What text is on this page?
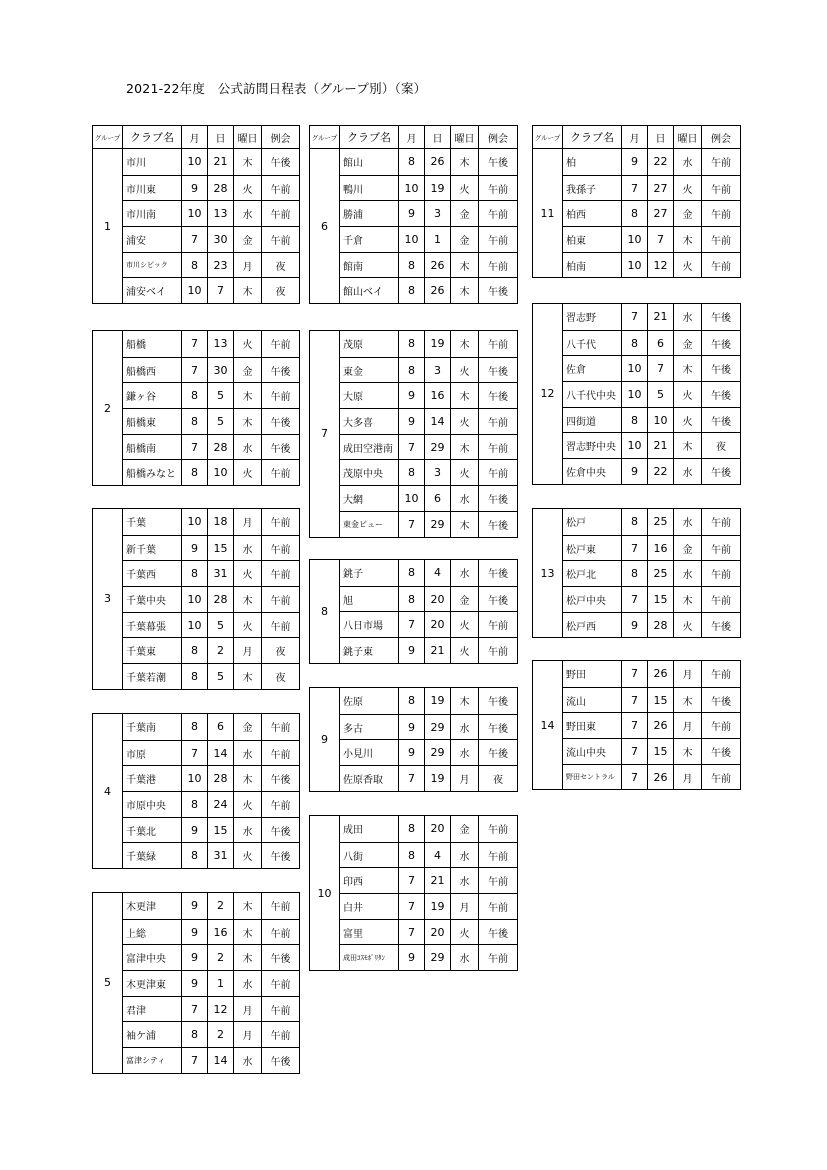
2021-22年度　公式訪問日程表（グループ別）（案）
グループ クラブ名	月	日	曜日	例会
1
市川	10	21	木	午後
市川東	9	28	火	午前
市川南	10	13	水	午前
浦安	7	30	金	午前
市川シビック	8	23	月	夜
浦安ベイ	10	7	木	夜
2
船橋	7	13	火	午前
船橋西	7	30	金	午後
鎌ヶ谷	8	5	木	午前
船橋東	8	5	木	午後
船橋南	7	28	水	午後
船橋みなと	8	10	火	午前
3
千葉	10	18	月	午前
新千葉	9	15	水	午前
千葉西	8	31	火	午前
千葉中央	10	28	木	午前
千葉幕張	10	5	火	午前
千葉東	8	2	月	夜
千葉若潮	8	5	木	夜
4
千葉南	8	6	金	午前
市原	7	14	水	午前
千葉港	10	28	木	午後
市原中央	8	24	火	午前
千葉北	9	15	水	午後
千葉緑	8	31	火	午後
5
木更津	9	2	木	午前
上総	9	16	木	午前
富津中央	9	2	木	午後
木更津東	9	1	水	午前
君津	7	12	月	午前
袖ケ浦	8	2	月	午前
富津シティ	7	14	水	午後
グループ クラブ名	月	日	曜日	例会
6
館山	8	26	木	午後
鴨川	10	19	火	午前
勝浦	9	3	金	午前
千倉	10	1	金	午前
館南	8	26	木	午前
館山ベイ	8	26	木	午後
7
茂原	8	19	木	午前
東金	8	3	火	午後
大原	9	16	木	午後
大多喜	9	14	火	午前
成田空港南	7	29	木	午前
茂原中央	8	3	火	午前
大網	10	6	水	午後
東金ビュー	7	29	木	午後
8
銚子	8	4	水	午後
旭	8	20	金	午後
八日市場	7	20	火	午前
銚子東	9	21	火	午前
9
佐原	8	19	木	午後
多古	9	29	水	午後
小見川	9	29	水	午後
佐原香取	7	19	月	夜
10
成田	8	20	金	午前
八街	8	4	水	午前
印西	7	21	水	午前
白井	7	19	月	午前
富里	7	20	火	午後
成田ｺｽﾓﾎﾟﾘﾀﾝ	9	29	水	午前
グループ クラブ名	月	日	曜日	例会
11
柏	9	22	水	午前
我孫子	7	27	火	午前
柏西	8	27	金	午前
柏東	10	7	木	午前
柏南	10	12	火	午前
12
習志野	7	21	水	午後
八千代	8	6	金	午後
佐倉	10	7	木	午後
八千代中央	10	5	火	午後
四街道	8	10	火	午後
習志野中央	10	21	木	夜
佐倉中央	9	22	水	午後
13
松戸	8	25	水	午前
松戸東	7	16	金	午前
松戸北	8	25	水	午前
松戸中央	7	15	木	午前
松戸西	9	28	火	午後
14
野田	7	26	月	午前
流山	7	15	木	午後
野田東	7	26	月	午前
流山中央	7	15	木	午後
野田セントラル	7	26	月	午前
